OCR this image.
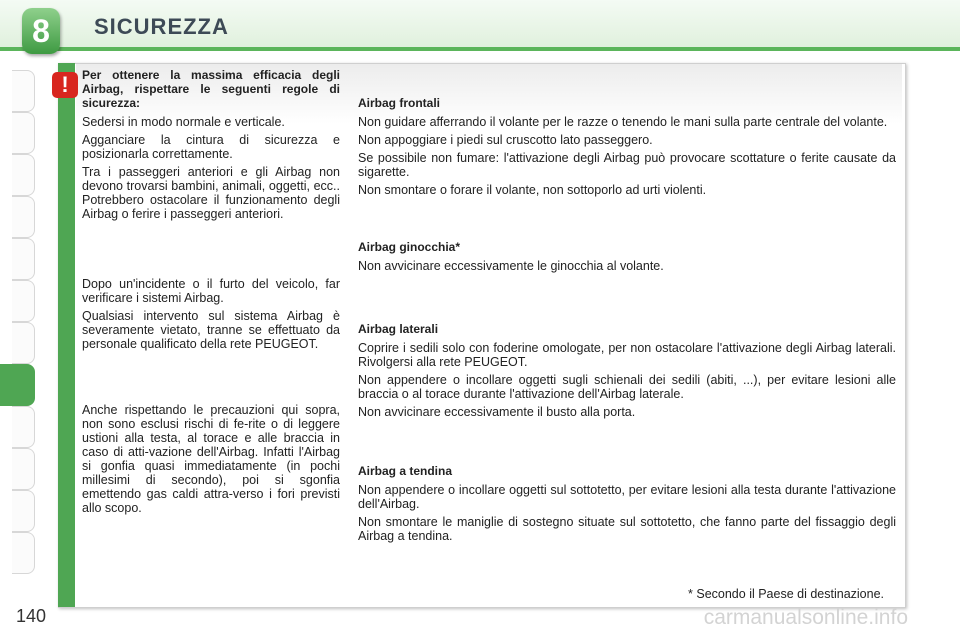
8	SICUREZZA
!	Per ottenere la massima efficacia degli Airbag, rispettare le seguenti regole di sicurezza:

Sedersi in modo normale e verticale.

Agganciare la cintura di sicurezza e posizionarla correttamente.

Tra i passeggeri anteriori e gli Airbag non devono trovarsi bambini, animali, oggetti, ecc.. Potrebbero ostacolare il funzionamento degli Airbag o ferire i passeggeri anteriori.

Dopo un'incidente o il furto del veicolo, far verificare i sistemi Airbag.

Qualsiasi intervento sul sistema Airbag è severamente vietato, tranne se effettuato da personale qualificato della rete PEUGEOT.

Anche rispettando le precauzioni qui sopra, non sono esclusi rischi di fe-rite o di leggere ustioni alla testa, al torace e alle braccia in caso di atti-vazione dell'Airbag. Infatti l'Airbag si gonfia quasi immediatamente (in pochi millesimi di secondo), poi si sgonfia emettendo gas caldi attra-verso i fori previsti allo scopo.

Airbag frontali

Non guidare afferrando il volante per le razze o tenendo le mani sulla parte centrale del volante.

Non appoggiare i piedi sul cruscotto lato passeggero.

Se possibile non fumare: l'attivazione degli Airbag può provocare scottature o ferite causate da sigarette.

Non smontare o forare il volante, non sottoporlo ad urti violenti.

Airbag ginocchia*

Non avvicinare eccessivamente le ginocchia al volante.

Airbag laterali

Coprire i sedili solo con foderine omologate, per non ostacolare l'attivazione degli Airbag laterali. Rivolgersi alla rete PEUGEOT.

Non appendere o incollare oggetti sugli schienali dei sedili (abiti, ...), per evitare lesioni alle braccia o al torace durante l'attivazione dell'Airbag laterale.

Non avvicinare eccessivamente il busto alla porta.

Airbag a tendina

Non appendere o incollare oggetti sul sottotetto, per evitare lesioni alla testa durante l'attivazione dell'Airbag.

Non smontare le maniglie di sostegno situate sul sottotetto, che fanno parte del fissaggio degli Airbag a tendina.

* Secondo il Paese di destinazione.
140	carmanualsonline.info
